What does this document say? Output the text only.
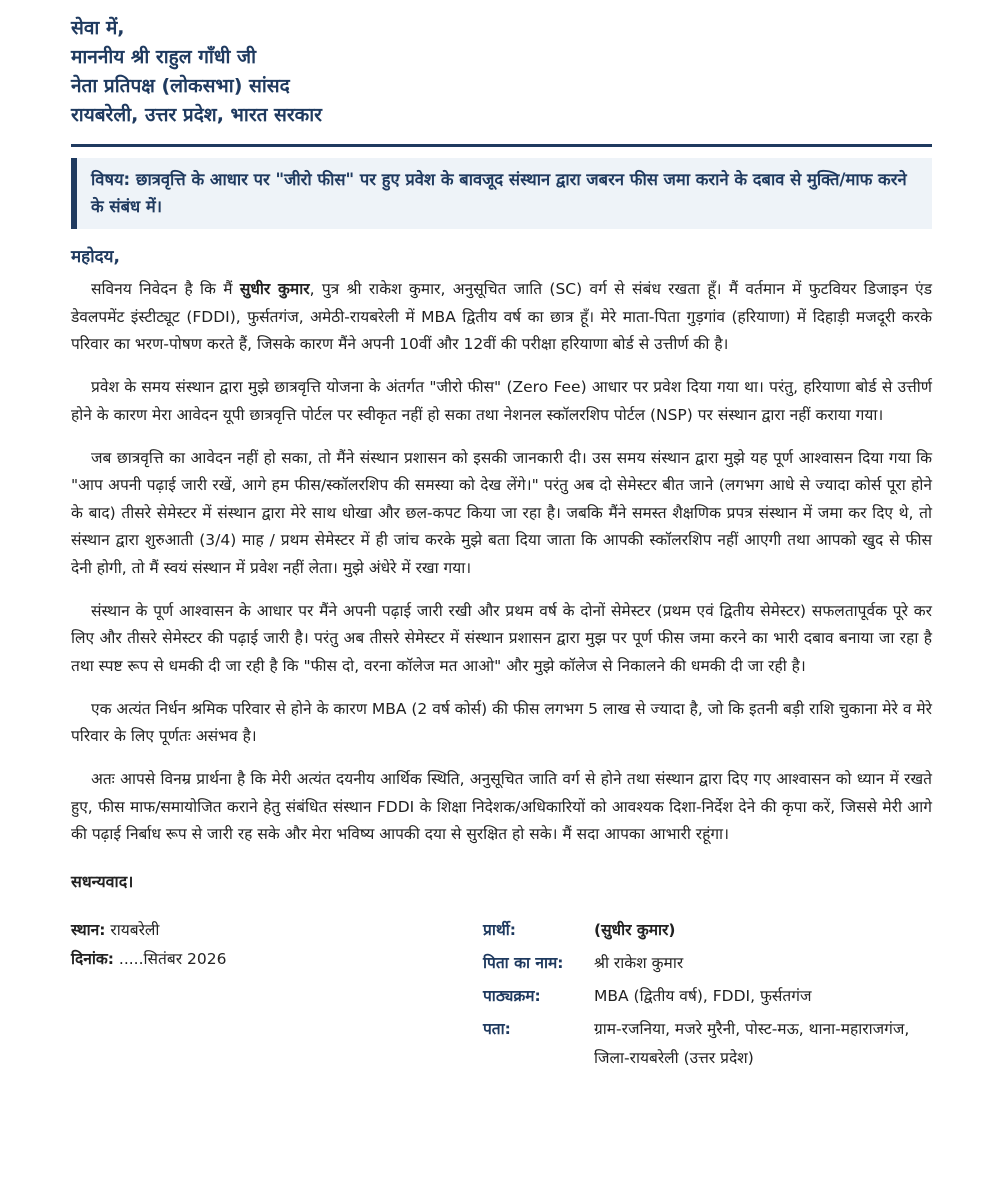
सेवा में,
माननीय श्री राहुल गाँधी जी
नेता प्रतिपक्ष (लोकसभा) सांसद
रायबरेली, उत्तर प्रदेश, भारत सरकार
विषय: छात्रवृत्ति के आधार पर "जीरो फीस" पर हुए प्रवेश के बावजूद संस्थान द्वारा जबरन फीस जमा कराने के दबाव से मुक्ति/माफ करने के संबंध में।
महोदय,

सविनय निवेदन है कि मैं सुधीर कुमार, पुत्र श्री राकेश कुमार, अनुसूचित जाति (SC) वर्ग से संबंध रखता हूँ। मैं वर्तमान में फुटवियर डिजाइन एंड डेवलपमेंट इंस्टीट्यूट (FDDI), फुर्सतगंज, अमेठी-रायबरेली में MBA द्वितीय वर्ष का छात्र हूँ। मेरे माता-पिता गुड़गांव (हरियाणा) में दिहाड़ी मजदूरी करके परिवार का भरण-पोषण करते हैं, जिसके कारण मैंने अपनी 10वीं और 12वीं की परीक्षा हरियाणा बोर्ड से उत्तीर्ण की है।

प्रवेश के समय संस्थान द्वारा मुझे छात्रवृत्ति योजना के अंतर्गत "जीरो फीस" (Zero Fee) आधार पर प्रवेश दिया गया था। परंतु, हरियाणा बोर्ड से उत्तीर्ण होने के कारण मेरा आवेदन यूपी छात्रवृत्ति पोर्टल पर स्वीकृत नहीं हो सका तथा नेशनल स्कॉलरशिप पोर्टल (NSP) पर संस्थान द्वारा नहीं कराया गया।

जब छात्रवृत्ति का आवेदन नहीं हो सका, तो मैंने संस्थान प्रशासन को इसकी जानकारी दी। उस समय संस्थान द्वारा मुझे यह पूर्ण आश्वासन दिया गया कि "आप अपनी पढ़ाई जारी रखें, आगे हम फीस/स्कॉलरशिप की समस्या को देख लेंगे।" परंतु अब दो सेमेस्टर बीत जाने (लगभग आधे से ज्यादा कोर्स पूरा होने के बाद) तीसरे सेमेस्टर में संस्थान द्वारा मेरे साथ धोखा और छल-कपट किया जा रहा है। जबकि मैंने समस्त शैक्षणिक प्रपत्र संस्थान में जमा कर दिए थे, तो संस्थान द्वारा शुरुआती (3/4) माह / प्रथम सेमेस्टर में ही जांच करके मुझे बता दिया जाता कि आपकी स्कॉलरशिप नहीं आएगी तथा आपको खुद से फीस देनी होगी, तो मैं स्वयं संस्थान में प्रवेश नहीं लेता। मुझे अंधेरे में रखा गया।

संस्थान के पूर्ण आश्वासन के आधार पर मैंने अपनी पढ़ाई जारी रखी और प्रथम वर्ष के दोनों सेमेस्टर (प्रथम एवं द्वितीय सेमेस्टर) सफलतापूर्वक पूरे कर लिए और तीसरे सेमेस्टर की पढ़ाई जारी है। परंतु अब तीसरे सेमेस्टर में संस्थान प्रशासन द्वारा मुझ पर पूर्ण फीस जमा करने का भारी दबाव बनाया जा रहा है तथा स्पष्ट रूप से धमकी दी जा रही है कि "फीस दो, वरना कॉलेज मत आओ" और मुझे कॉलेज से निकालने की धमकी दी जा रही है।

एक अत्यंत निर्धन श्रमिक परिवार से होने के कारण MBA (2 वर्ष कोर्स) की फीस लगभग 5 लाख से ज्यादा है, जो कि इतनी बड़ी राशि चुकाना मेरे व मेरे परिवार के लिए पूर्णतः असंभव है।

अतः आपसे विनम्र प्रार्थना है कि मेरी अत्यंत दयनीय आर्थिक स्थिति, अनुसूचित जाति वर्ग से होने तथा संस्थान द्वारा दिए गए आश्वासन को ध्यान में रखते हुए, फीस माफ/समायोजित कराने हेतु संबंधित संस्थान FDDI के शिक्षा निदेशक/अधिकारियों को आवश्यक दिशा-निर्देश देने की कृपा करें, जिससे मेरी आगे की पढ़ाई निर्बाध रूप से जारी रह सके और मेरा भविष्य आपकी दया से सुरक्षित हो सके। मैं सदा आपका आभारी रहूंगा।

सधन्यवाद।
स्थान: रायबरेली
दिनांक: .....सितंबर 2026
प्रार्थी:	(सुधीर कुमार)
पिता का नाम:	श्री राकेश कुमार
पाठ्यक्रम:	MBA (द्वितीय वर्ष), FDDI, फुर्सतगंज
पता:	ग्राम-रजनिया, मजरे मुरैनी, पोस्ट-मऊ, थाना-महाराजगंज, जिला-रायबरेली (उत्तर प्रदेश)
